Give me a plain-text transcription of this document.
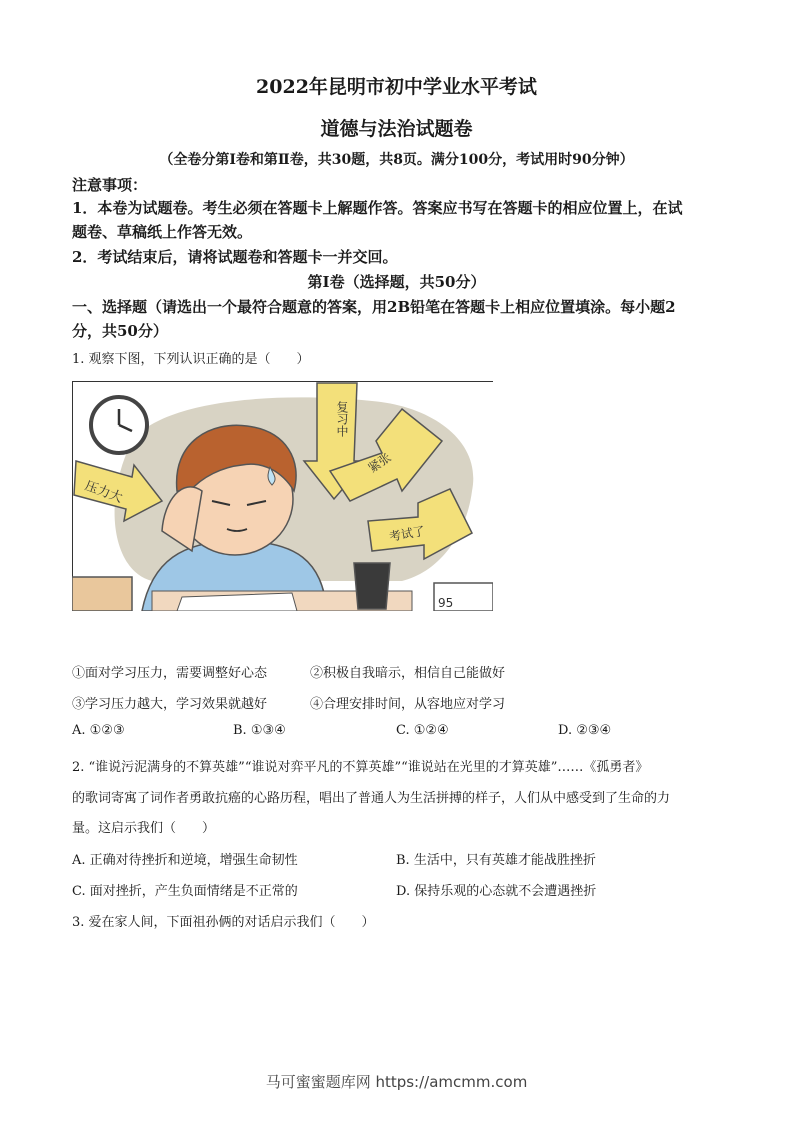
2022年昆明市初中学业水平考试
道德与法治试题卷
（全卷分第Ⅰ卷和第Ⅱ卷，共30题，共8页。满分100分，考试用时90分钟）
注意事项：
1．本卷为试题卷。考生必须在答题卡上解题作答。答案应书写在答题卡的相应位置上，在试
题卷、草稿纸上作答无效。
2．考试结束后，请将试题卷和答题卡一并交回。
第Ⅰ卷（选择题，共50分）
一、选择题（请选出一个最符合题意的答案，用2B铅笔在答题卡上相应位置填涂。每小题2
分，共50分）
1. 观察下图，下列认识正确的是（　　）
压力大
复习中
紧张
考试了
95
①面对学习压力，需要调整好心态	②积极自我暗示，相信自己能做好
③学习压力越大，学习效果就越好	④合理安排时间，从容地应对学习
A. ①②③	B. ①③④	C. ①②④	D. ②③④
2. “谁说污泥满身的不算英雄”“谁说对弈平凡的不算英雄”“谁说站在光里的才算英雄”……《孤勇者》
的歌词寄寓了词作者勇敢抗癌的心路历程，唱出了普通人为生活拼搏的样子，人们从中感受到了生命的力
量。这启示我们（　　）
A. 正确对待挫折和逆境，增强生命韧性	B. 生活中，只有英雄才能战胜挫折
C. 面对挫折，产生负面情绪是不正常的	D. 保持乐观的心态就不会遭遇挫折
3. 爱在家人间，下面祖孙俩的对话启示我们（　　）
马可蜜蜜题库网 https://amcmm.com
